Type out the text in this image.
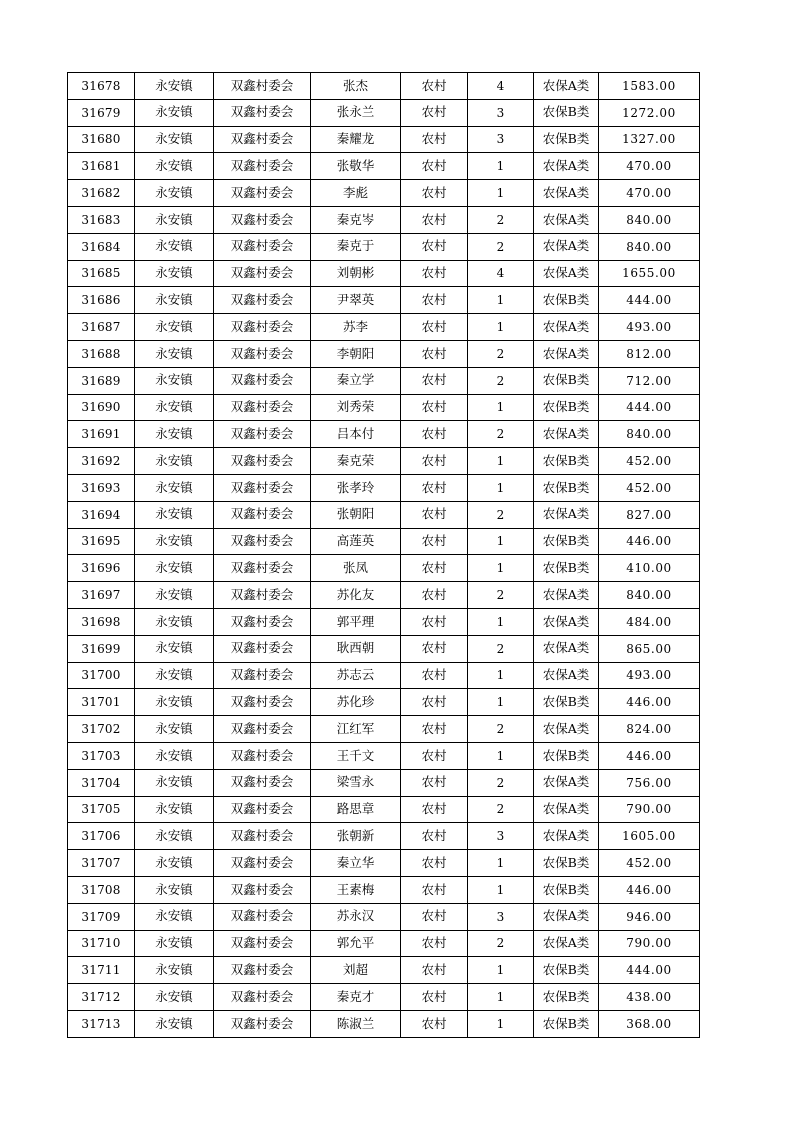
31678	永安镇	双鑫村委会	张杰	农村	4	农保A类	1583.00
31679	永安镇	双鑫村委会	张永兰	农村	3	农保B类	1272.00
31680	永安镇	双鑫村委会	秦耀龙	农村	3	农保B类	1327.00
31681	永安镇	双鑫村委会	张敬华	农村	1	农保A类	470.00
31682	永安镇	双鑫村委会	李彪	农村	1	农保A类	470.00
31683	永安镇	双鑫村委会	秦克岑	农村	2	农保A类	840.00
31684	永安镇	双鑫村委会	秦克于	农村	2	农保A类	840.00
31685	永安镇	双鑫村委会	刘朝彬	农村	4	农保A类	1655.00
31686	永安镇	双鑫村委会	尹翠英	农村	1	农保B类	444.00
31687	永安镇	双鑫村委会	苏李	农村	1	农保A类	493.00
31688	永安镇	双鑫村委会	李朝阳	农村	2	农保A类	812.00
31689	永安镇	双鑫村委会	秦立学	农村	2	农保B类	712.00
31690	永安镇	双鑫村委会	刘秀荣	农村	1	农保B类	444.00
31691	永安镇	双鑫村委会	吕本付	农村	2	农保A类	840.00
31692	永安镇	双鑫村委会	秦克荣	农村	1	农保B类	452.00
31693	永安镇	双鑫村委会	张孝玲	农村	1	农保B类	452.00
31694	永安镇	双鑫村委会	张朝阳	农村	2	农保A类	827.00
31695	永安镇	双鑫村委会	高莲英	农村	1	农保B类	446.00
31696	永安镇	双鑫村委会	张凤	农村	1	农保B类	410.00
31697	永安镇	双鑫村委会	苏化友	农村	2	农保A类	840.00
31698	永安镇	双鑫村委会	郭平理	农村	1	农保A类	484.00
31699	永安镇	双鑫村委会	耿西朝	农村	2	农保A类	865.00
31700	永安镇	双鑫村委会	苏志云	农村	1	农保A类	493.00
31701	永安镇	双鑫村委会	苏化珍	农村	1	农保B类	446.00
31702	永安镇	双鑫村委会	江红军	农村	2	农保A类	824.00
31703	永安镇	双鑫村委会	王千文	农村	1	农保B类	446.00
31704	永安镇	双鑫村委会	梁雪永	农村	2	农保A类	756.00
31705	永安镇	双鑫村委会	路思章	农村	2	农保A类	790.00
31706	永安镇	双鑫村委会	张朝新	农村	3	农保A类	1605.00
31707	永安镇	双鑫村委会	秦立华	农村	1	农保B类	452.00
31708	永安镇	双鑫村委会	王素梅	农村	1	农保B类	446.00
31709	永安镇	双鑫村委会	苏永汉	农村	3	农保A类	946.00
31710	永安镇	双鑫村委会	郭允平	农村	2	农保A类	790.00
31711	永安镇	双鑫村委会	刘超	农村	1	农保B类	444.00
31712	永安镇	双鑫村委会	秦克才	农村	1	农保B类	438.00
31713	永安镇	双鑫村委会	陈淑兰	农村	1	农保B类	368.00
